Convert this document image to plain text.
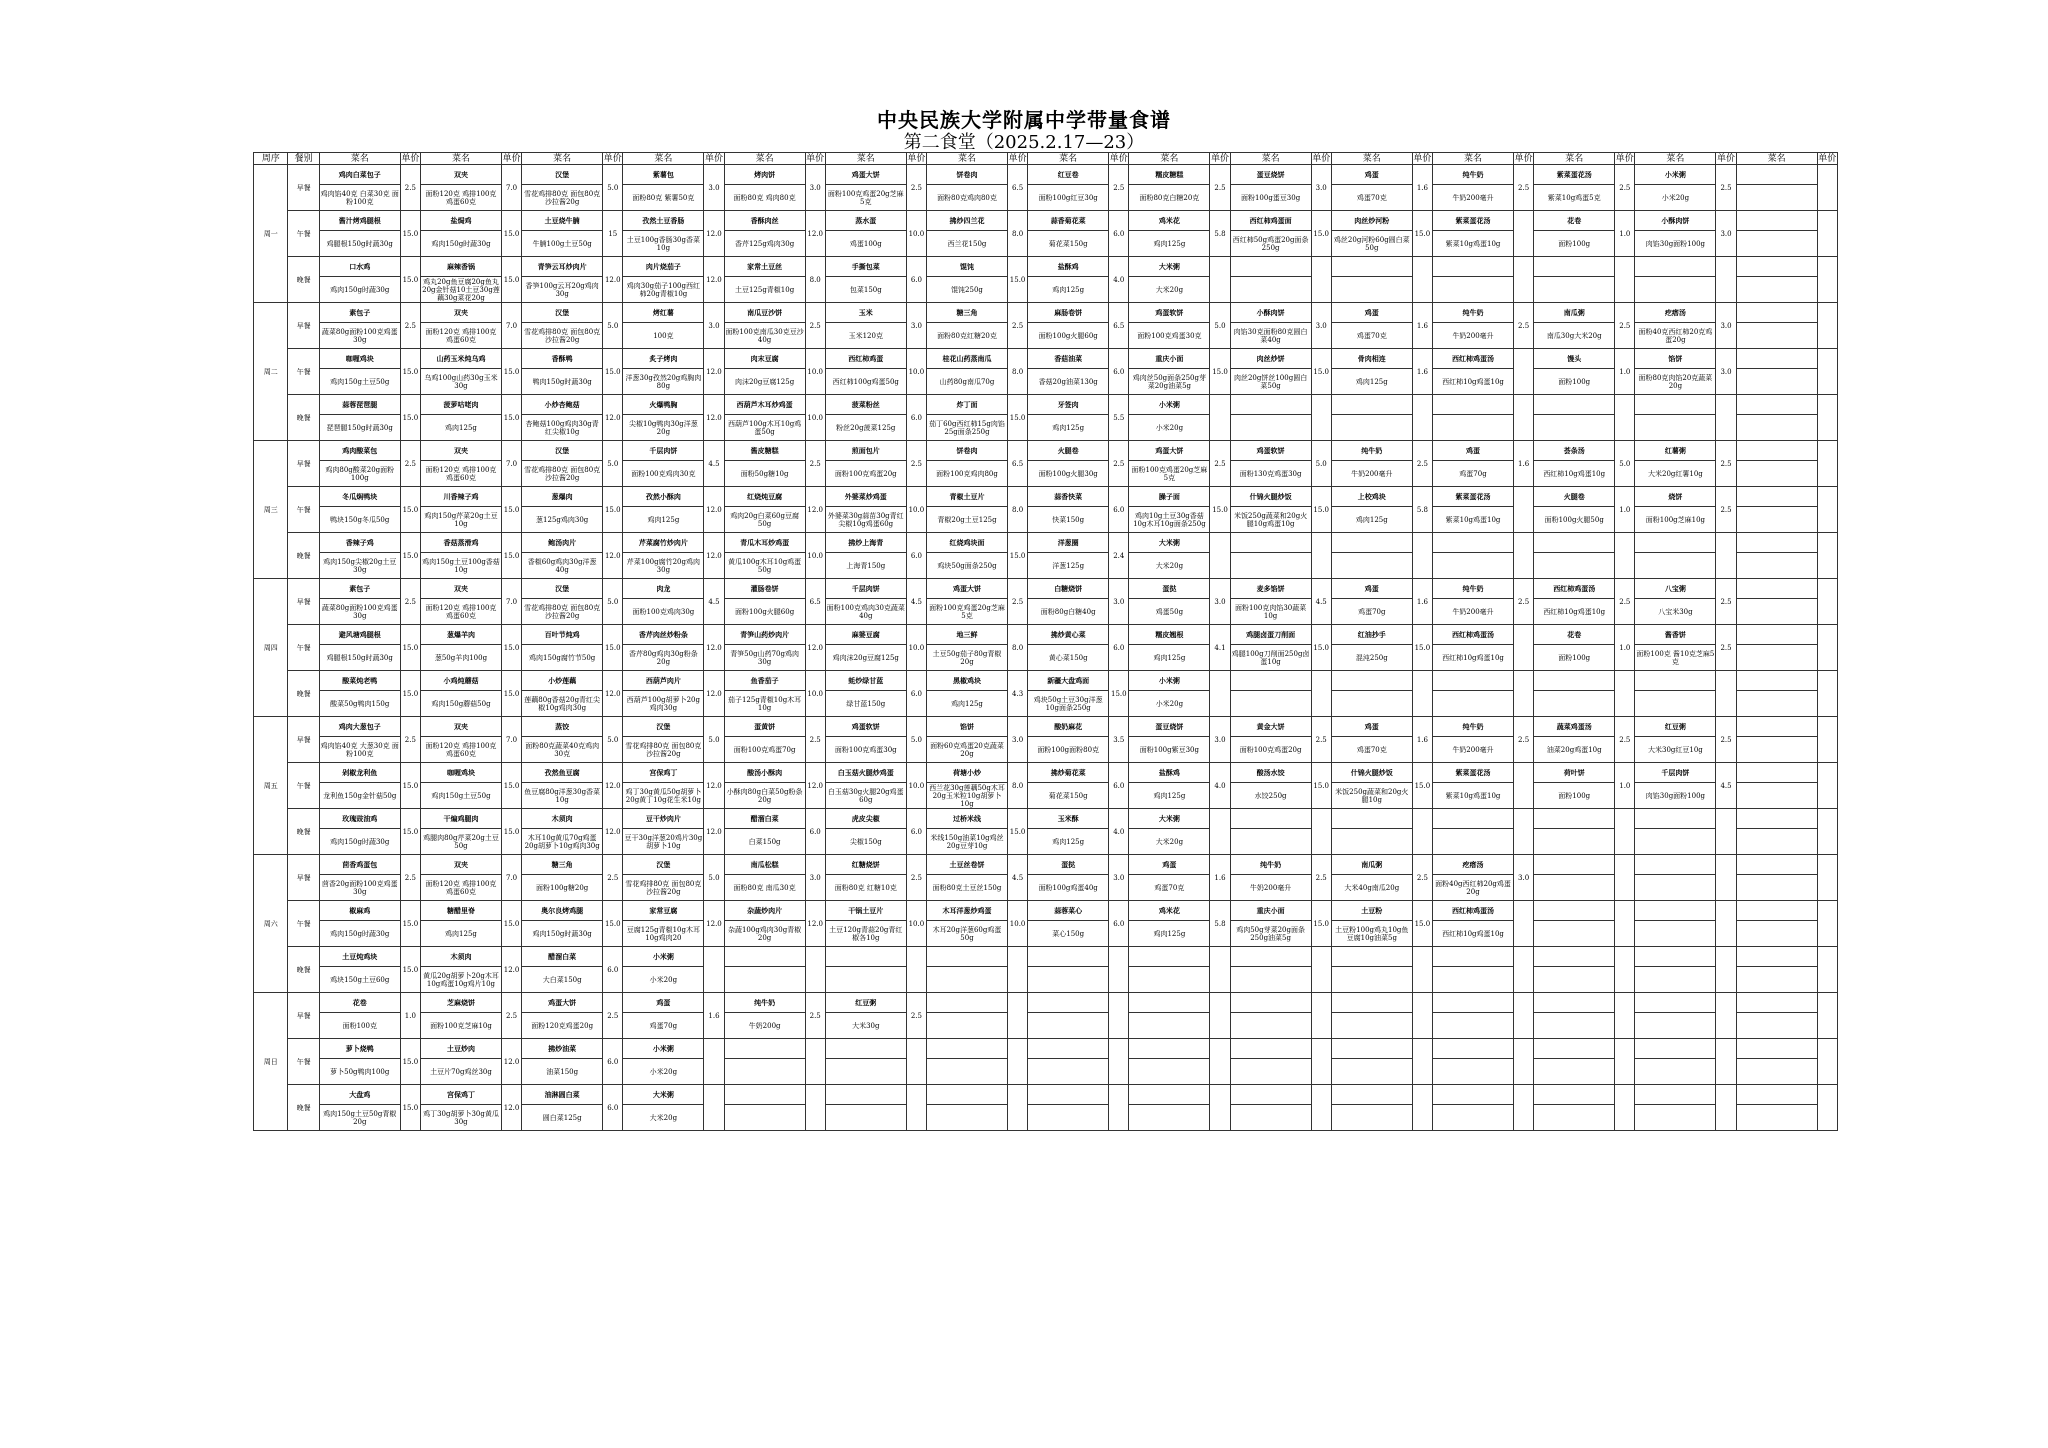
中央民族大学附属中学带量食谱
第二食堂（2025.2.17—23）
周序	餐别	菜名	单价	菜名	单价	菜名	单价	菜名	单价	菜名	单价	菜名	单价	菜名	单价	菜名	单价	菜名	单价	菜名	单价	菜名	单价	菜名	单价	菜名	单价	菜名	单价	菜名	单价
周一	早餐	鸡肉白菜包子	2.5	双夹	7.0	汉堡	5.0	紫薯包	3.0	烤肉饼	3.0	鸡蛋大饼	2.5	饼卷肉	6.5	红豆卷	2.5	糯皮糖糕	2.5	蛋豆烧饼	3.0	鸡蛋	1.6	纯牛奶	2.5	紫菜蛋花汤	2.5	小米粥	2.5		
		鸡肉馅40克 白菜30克 面粉100克		面粉120克 鸡排100克 鸡蛋60克		雪花鸡排80克 面包80克 沙拉酱20g		面粉80克 紫薯50克		面粉80克 鸡肉80克		面粉100克鸡蛋20g芝麻5克		面粉80克鸡肉80克		面粉100g红豆30g		面粉80克白糖20克		面粉100g蛋豆30g		鸡蛋70克		牛奶200毫升		紫菜10g鸡蛋5克		小米20g			
	午餐	酱汁烤鸡腿根	15.0	盐焗鸡	15.0	土豆烧牛腩	15	孜然土豆香肠	12.0	香酥肉丝	12.0	蒸水蛋	10.0	拂炒四兰花	8.0	蒜香菊花菜	6.0	鸡米花	5.8	西红柿鸡蛋面	15.0	肉丝炒河粉	15.0	紫菜蛋花汤		花卷	1.0	小酥肉饼	3.0		
		鸡腿根150g时蔬30g		鸡肉150g时蔬30g		牛腩100g土豆50g		土豆100g香肠30g香菜10g		香芹125g鸡肉30g		鸡蛋100g		西兰花150g		菊花菜150g		鸡肉125g		西红柿50g鸡蛋20g面条250g		鸡丝20g河粉60g圆白菜50g		紫菜10g鸡蛋10g		面粉100g		肉馅30g面粉100g			
	晚餐	口水鸡	15.0	麻辣香锅	15.0	青笋云耳炒肉片	12.0	肉片烧茄子	12.0	家常土豆丝	8.0	手撕包菜	6.0	馄饨	15.0	盐酥鸡	4.0	大米粥													
		鸡肉150g时蔬30g		鸡丸20g鱼豆腐20g鱼丸20g金针菇10土豆30g莲藕30g菜花20g		香笋100g云耳20g鸡肉30g		鸡肉30g茄子100g西红柿20g青椒10g		土豆125g青椒10g		包菜150g		馄饨250g		鸡肉125g		大米20g													
周二	早餐	素包子	2.5	双夹	7.0	汉堡	5.0	烤红薯	3.0	南瓜豆沙饼	2.5	玉米	3.0	糖三角	2.5	麻肠卷饼	6.5	鸡蛋软饼	5.0	小酥肉饼	3.0	鸡蛋	1.6	纯牛奶	2.5	南瓜粥	2.5	疙瘩汤	3.0		
		蔬菜80g面粉100克鸡蛋30g		面粉120克 鸡排100克 鸡蛋60克		雪花鸡排80克 面包80克 沙拉酱20g		100克		面粉100克南瓜30克豆沙40g		玉米120克		面粉80克红糖20克		面粉100g火腿60g		面粉100克鸡蛋30克		肉馅30克面粉80克圆白菜40g		鸡蛋70克		牛奶200毫升		南瓜30g大米20g		面粉40克西红柿20克鸡蛋20g			
	午餐	咖喱鸡块	15.0	山药玉米炖乌鸡	15.0	香酥鸭	15.0	炙子烤肉	12.0	肉末豆腐	10.0	西红柿鸡蛋	10.0	桂花山药蒸南瓜	8.0	香菇油菜	6.0	重庆小面	15.0	肉丝炒饼	15.0	骨肉相连	1.6	西红柿鸡蛋汤		馒头	1.0	馅饼	3.0		
		鸡肉150g土豆50g		乌鸡100g山药30g玉米30g		鸭肉150g时蔬30g		洋葱30g孜然20g鸡胸肉80g		肉沫20g豆腐125g		西红柿100g鸡蛋50g		山药80g南瓜70g		香菇20g油菜130g		鸡肉丝50g面条250g芽菜20g油菜5g		肉丝20g饼丝100g圆白菜50g		鸡肉125g		西红柿10g鸡蛋10g		面粉100g		面粉80克肉馅20克蔬菜20g			
	晚餐	蒜蓉琵琶腿	15.0	菠萝咕咾肉	15.0	小炒杏鲍菇	12.0	火爆鸭胸	12.0	西葫芦木耳炒鸡蛋	10.0	菠菜粉丝	6.0	炸丁面	15.0	牙签肉	5.5	小米粥													
		琵琶腿150g时蔬30g		鸡肉125g		杏鲍菇100g鸡肉30g青红尖椒10g		尖椒10g鸭肉30g洋葱20g		西葫芦100g木耳10g鸡蛋50g		粉丝20g菠菜125g		茄丁60g西红柿15g肉馅25g面条250g		鸡肉125g		小米20g													
周三	早餐	鸡肉酸菜包	2.5	双夹	7.0	汉堡	5.0	千层肉饼	4.5	酱皮糖糕	2.5	煎面包片	2.5	饼卷肉	6.5	火腿卷	2.5	鸡蛋大饼	2.5	鸡蛋软饼	5.0	纯牛奶	2.5	鸡蛋	1.6	荟条汤	5.0	红薯粥	2.5		
		鸡肉80g酸菜20g面粉100g		面粉120克 鸡排100克 鸡蛋60克		雪花鸡排80克 面包80克 沙拉酱20g		面粉100克鸡肉30克		面粉50g糖10g		面粉100克鸡蛋20g		面粉100克鸡肉80g		面粉100g火腿30g		面粉100克鸡蛋20g芝麻5克		面粉130克鸡蛋30g		牛奶200毫升		鸡蛋70g		西红柿10g鸡蛋10g		大米20g红薯10g			
	午餐	冬瓜焖鸭块	15.0	川香辣子鸡	15.0	葱爆肉	15.0	孜然小酥肉	12.0	红烧炖豆腐	12.0	外婆菜炒鸡蛋	10.0	青椒土豆片	8.0	蒜香快菜	6.0	臊子面	15.0	什锦火腿炒饭	15.0	上校鸡块	5.8	紫菜蛋花汤		火腿卷	1.0	烧饼	2.5		
		鸭块150g冬瓜50g		鸡肉150g芹菜20g土豆10g		葱125g鸡肉30g		鸡肉125g		鸡肉20g白菜60g豆腐50g		外婆菜30g蒜苗30g青红尖椒10g鸡蛋60g		青椒20g土豆125g		快菜150g		鸡肉10g土豆30g香菇10g木耳10g面条250g		米饭250g蔬菜和20g火腿10g鸡蛋10g		鸡肉125g		紫菜10g鸡蛋10g		面粉100g火腿50g		面粉100g芝麻10g			
	晚餐	香辣子鸡	15.0	香菇蒸滑鸡	15.0	鲍汤肉片	12.0	芹菜腐竹炒肉片	12.0	青瓜木耳炒鸡蛋	10.0	拂炒上海青	6.0	红烧鸡块面	15.0	洋葱圈	2.4	大米粥													
		鸡肉150g尖椒20g土豆30g		鸡肉150g土豆100g香菇10g		香椒60g鸡肉30g洋葱40g		芹菜100g腐竹20g鸡肉30g		黄瓜100g木耳10g鸡蛋50g		上海青150g		鸡块50g面条250g		洋葱125g		大米20g													
周四	早餐	素包子	2.5	双夹	7.0	汉堡	5.0	肉龙	4.5	灌肠卷饼	6.5	千层肉饼	4.5	鸡蛋大饼	2.5	白糖烧饼	3.0	蛋挞	3.0	麦多馅饼	4.5	鸡蛋	1.6	纯牛奶	2.5	西红柿鸡蛋汤	2.5	八宝粥	2.5		
		蔬菜80g面粉100克鸡蛋30g		面粉120克 鸡排100克 鸡蛋60克		雪花鸡排80克 面包80克 沙拉酱20g		面粉100克鸡肉30g		面粉100g火腿60g		面粉100克鸡肉30克蔬菜40g		面粉100克鸡蛋20g芝麻5克		面粉80g白糖40g		鸡蛋50g		面粉100克肉馅30蔬菜10g		鸡蛋70g		牛奶200毫升		西红柿10g鸡蛋10g		八宝米30g			
	午餐	避风塘鸡腿根	15.0	葱爆羊肉	15.0	百叶节炖鸡	15.0	香芹肉丝炒粉条	12.0	青笋山药炒肉片	12.0	麻婆豆腐	10.0	地三鲜	8.0	拂炒黄心菜	6.0	糯皮翘根	4.1	鸡腿卤蛋刀削面	15.0	红油抄手	15.0	西红柿鸡蛋汤		花卷	1.0	酱香饼	2.5		
		鸡腿根150g时蔬30g		葱50g羊肉100g		鸡肉150g腐竹节50g		香芹80g鸡肉30g粉条20g		青笋50g山药70g鸡肉30g		鸡肉沫20g豆腐125g		土豆50g茄子80g青椒20g		黄心菜150g		鸡肉125g		鸡腿100g刀削面250g卤蛋10g		混沌250g		西红柿10g鸡蛋10g		面粉100g		面粉100克 酱10克芝麻5克			
	晚餐	酸菜炖老鸭	15.0	小鸡炖蘑菇	15.0	小炒莲藕	12.0	西葫芦肉片	12.0	鱼香茄子	10.0	蚝炒绿甘蓝	6.0	黑椒鸡块	4.3	新疆大盘鸡面	15.0	小米粥													
		酸菜50g鸭肉150g		鸡肉150g蘑菇50g		莲藕80g香菇20g青红尖椒10g鸡肉30g		西葫芦100g胡萝卜20g鸡肉30g		茄子125g青椒10g木耳10g		绿甘蓝150g		鸡肉125g		鸡块50g土豆30g洋葱10g面条250g		小米20g													
周五	早餐	鸡肉大葱包子	2.5	双夹	7.0	蒸饺	5.0	汉堡	5.0	蛋黄饼	2.5	鸡蛋软饼	5.0	馅饼	3.0	酸奶麻花	3.5	蛋豆烧饼	3.0	黄金大饼	2.5	鸡蛋	1.6	纯牛奶	2.5	蔬菜鸡蛋汤	2.5	红豆粥	2.5		
		鸡肉馅40克 大葱30克 面粉100克		面粉120克 鸡排100克 鸡蛋60克		面粉80克蔬菜40克鸡肉30克		雪花鸡排80克 面包80克沙拉酱20g		面粉100克鸡蛋70g		面粉100克鸡蛋30g		面粉60克鸡蛋20克蔬菜20g		面粉100g面粉80克		面粉100g紫豆30g		面粉100克鸡蛋20g		鸡蛋70克		牛奶200毫升		油菜20g鸡蛋10g		大米30g红豆10g			
	午餐	剁椒龙利鱼	15.0	咖喱鸡块	15.0	孜然鱼豆腐	12.0	宫保鸡丁	12.0	酸汤小酥肉	12.0	白玉菇火腿炒鸡蛋	10.0	荷塘小炒	8.0	拂炒菊花菜	6.0	盐酥鸡	4.0	酸汤水饺	15.0	什锦火腿炒饭	15.0	紫菜蛋花汤		荷叶饼	1.0	千层肉饼	4.5		
		龙利鱼150g金针菇50g		鸡肉150g土豆50g		鱼豆腐80g洋葱30g香菜10g		鸡丁30g黄瓜50g胡萝卜20g黄丁10g花生米10g		小酥肉80g白菜50g粉条20g		白玉菇30g火腿20g鸡蛋60g		西兰花30g莲藕50g木耳20g玉米粒10g胡萝卜10g		菊花菜150g		鸡肉125g		水饺250g		米饭250g蔬菜和20g火腿10g		紫菜10g鸡蛋10g		面粉100g		肉馅30g面粉100g			
	晚餐	玫瑰豉油鸡	15.0	干煸鸡腿肉	15.0	木须肉	12.0	豆干炒肉片	12.0	醋溜白菜	6.0	虎皮尖椒	6.0	过桥米线	15.0	玉米酥	4.0	大米粥													
		鸡肉150g时蔬30g		鸡腿肉80g芹菜20g土豆50g		木耳10g黄瓜70g鸡蛋20g胡萝卜10g鸡肉30g		豆干30g洋葱20鸡片30g胡萝卜10g		白菜150g		尖椒150g		米线150g油菜10g鸡丝20g豆芽10g		鸡肉125g		大米20g													
周六	早餐	茴香鸡蛋包	2.5	双夹	7.0	糖三角	2.5	汉堡	5.0	南瓜松糕	3.0	红糖烧饼	2.5	土豆丝卷饼	4.5	蛋挞	3.0	鸡蛋	1.6	纯牛奶	2.5	南瓜粥	2.5	疙瘩汤	3.0						
		茴香20g面粉100克鸡蛋30g		面粉120克 鸡排100克 鸡蛋60克		面粉100g糖20g		雪花鸡排80克 面包80克沙拉酱20g		面粉80克 南瓜30克		面粉80克 红糖10克		面粉80克土豆丝150g		面粉100g鸡蛋40g		鸡蛋70克		牛奶200毫升		大米40g南瓜20g		面粉40g西红柿20g鸡蛋20g							
	午餐	椒麻鸡	15.0	糖醋里脊	15.0	奥尔良烤鸡腿	15.0	家常豆腐	12.0	杂蔬炒肉片	12.0	干锅土豆片	10.0	木耳洋葱炒鸡蛋	10.0	蒜蓉菜心	6.0	鸡米花	5.8	重庆小面	15.0	土豆粉	15.0	西红柿鸡蛋汤							
		鸡肉150g时蔬30g		鸡肉125g		鸡肉150g时蔬30g		豆腐125g青椒10g木耳10g鸡肉20		杂蔬100g鸡肉30g青椒20g		土豆120g青蒜20g青红椒各10g		木耳20g洋葱60g鸡蛋50g		菜心150g		鸡肉125g		鸡肉50g芽菜20g面条250g油菜5g		土豆粉100g鸡丸10g鱼豆腐10g油菜5g		西红柿10g鸡蛋10g							
	晚餐	土豆炖鸡块	15.0	木须肉	12.0	醋溜白菜	6.0	小米粥																							
		鸡块150g土豆60g		黄瓜20g胡萝卜20g木耳10g鸡蛋10g鸡片10g		大白菜150g		小米20g																							
周日	早餐	花卷	1.0	芝麻烧饼	2.5	鸡蛋大饼	2.5	鸡蛋	1.6	纯牛奶	2.5	红豆粥	2.5																		
		面粉100克		面粉100克芝麻10g		面粉120克鸡蛋20g		鸡蛋70g		牛奶200g		大米30g																			
	午餐	萝卜烧鸭	15.0	土豆炒肉	12.0	拂炒油菜	6.0	小米粥																							
		萝卜50g鸭肉100g		土豆片70g鸡丝30g		油菜150g		小米20g																							
	晚餐	大盘鸡	15.0	宫保鸡丁	12.0	油淋圆白菜	6.0	大米粥																							
		鸡肉150g土豆50g青椒20g		鸡丁30g胡萝卜30g黄瓜30g		圆白菜125g		大米20g																							
